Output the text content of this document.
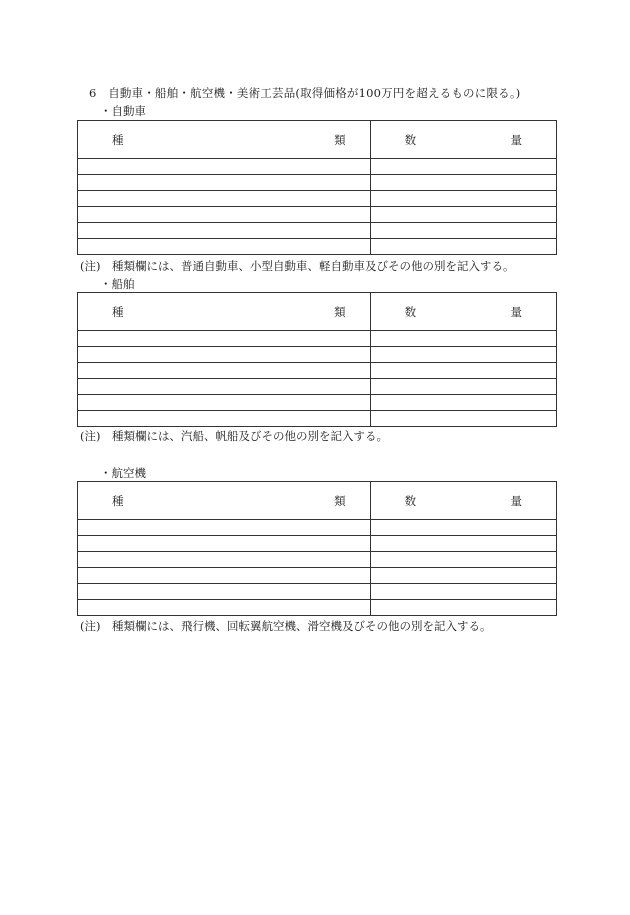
6　自動車・船舶・航空機・美術工芸品(取得価格が100万円を超えるものに限る。)
・自動車
種 類	数 量

(注)　種類欄には、普通自動車、小型自動車、軽自動車及びその他の別を記入する。
・船舶
種 類	数 量

(注)　種類欄には、汽船、帆船及びその他の別を記入する。
・航空機
種 類	数 量

(注)　種類欄には、飛行機、回転翼航空機、滑空機及びその他の別を記入する。
